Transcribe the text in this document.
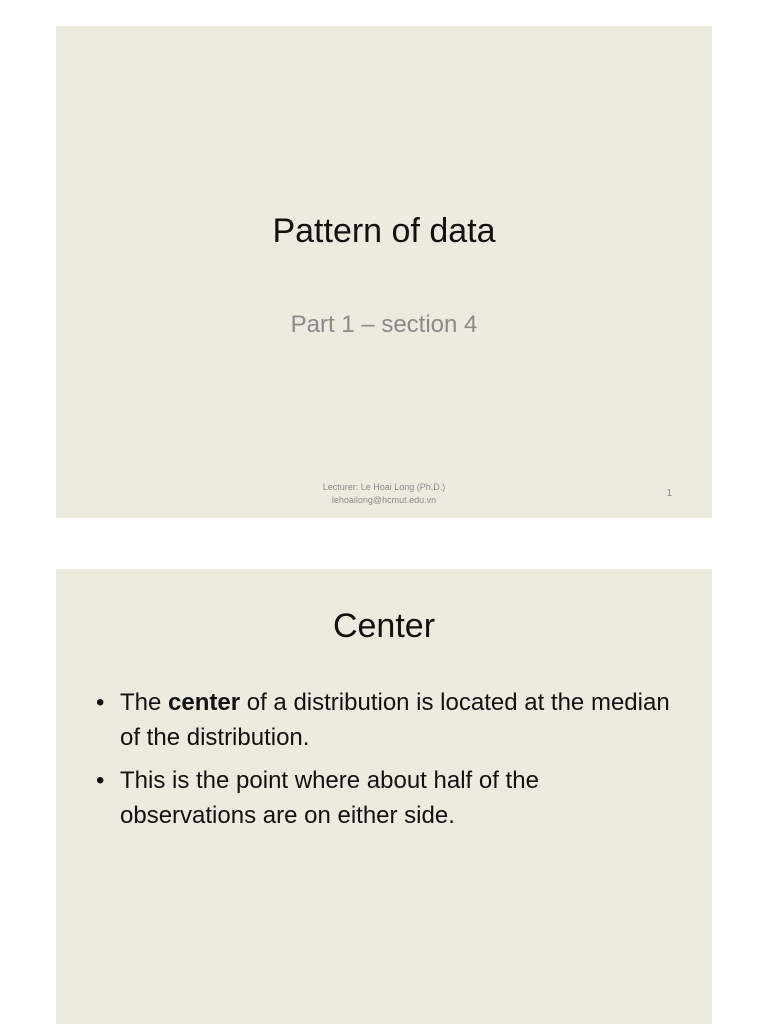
Pattern of data
Part 1 – section 4
Lecturer: Le Hoai Long (Ph.D.)
lehoailong@hcmut.edu.vn
1
Center
• The center of a distribution is located at the median of the distribution.
• This is the point where about half of the observations are on either side.
